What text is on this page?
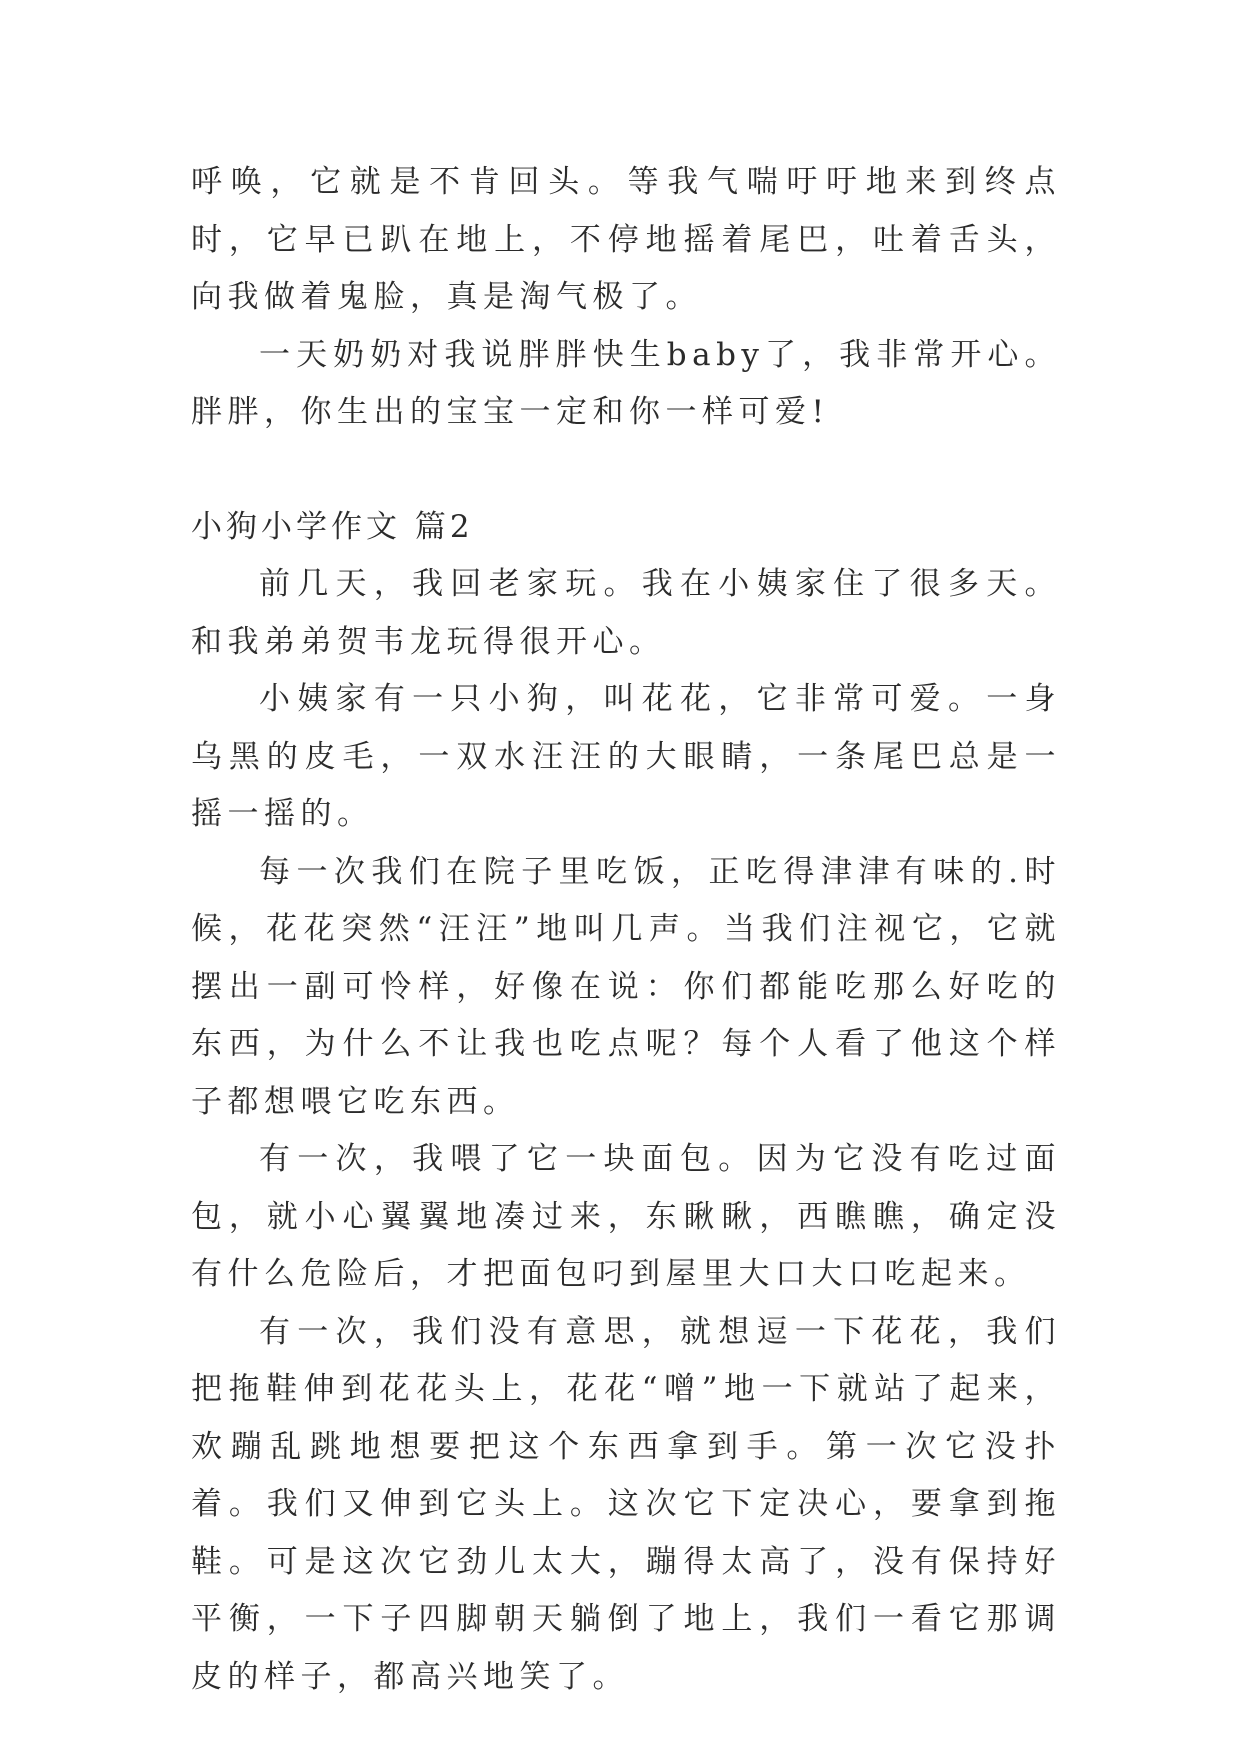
呼唤，它就是不肯回头。等我气喘吁吁地来到终点时，它早已趴在地上，不停地摇着尾巴，吐着舌头，向我做着鬼脸，真是淘气极了。

一天奶奶对我说胖胖快生baby了，我非常开心。胖胖，你生出的宝宝一定和你一样可爱!

小狗小学作文 篇2

前几天，我回老家玩。我在小姨家住了很多天。和我弟弟贺韦龙玩得很开心。

小姨家有一只小狗，叫花花，它非常可爱。一身乌黑的皮毛，一双水汪汪的大眼睛，一条尾巴总是一摇一摇的。

每一次我们在院子里吃饭，正吃得津津有味的.时候，花花突然“汪汪”地叫几声。当我们注视它，它就摆出一副可怜样，好像在说：你们都能吃那么好吃的东西，为什么不让我也吃点呢？每个人看了他这个样子都想喂它吃东西。

有一次，我喂了它一块面包。因为它没有吃过面包，就小心翼翼地凑过来，东瞅瞅，西瞧瞧，确定没有什么危险后，才把面包叼到屋里大口大口吃起来。

有一次，我们没有意思，就想逗一下花花，我们把拖鞋伸到花花头上，花花“噌”地一下就站了起来，欢蹦乱跳地想要把这个东西拿到手。第一次它没扑着。我们又伸到它头上。这次它下定决心，要拿到拖鞋。可是这次它劲儿太大，蹦得太高了，没有保持好平衡，一下子四脚朝天躺倒了地上，我们一看它那调皮的样子，都高兴地笑了。
